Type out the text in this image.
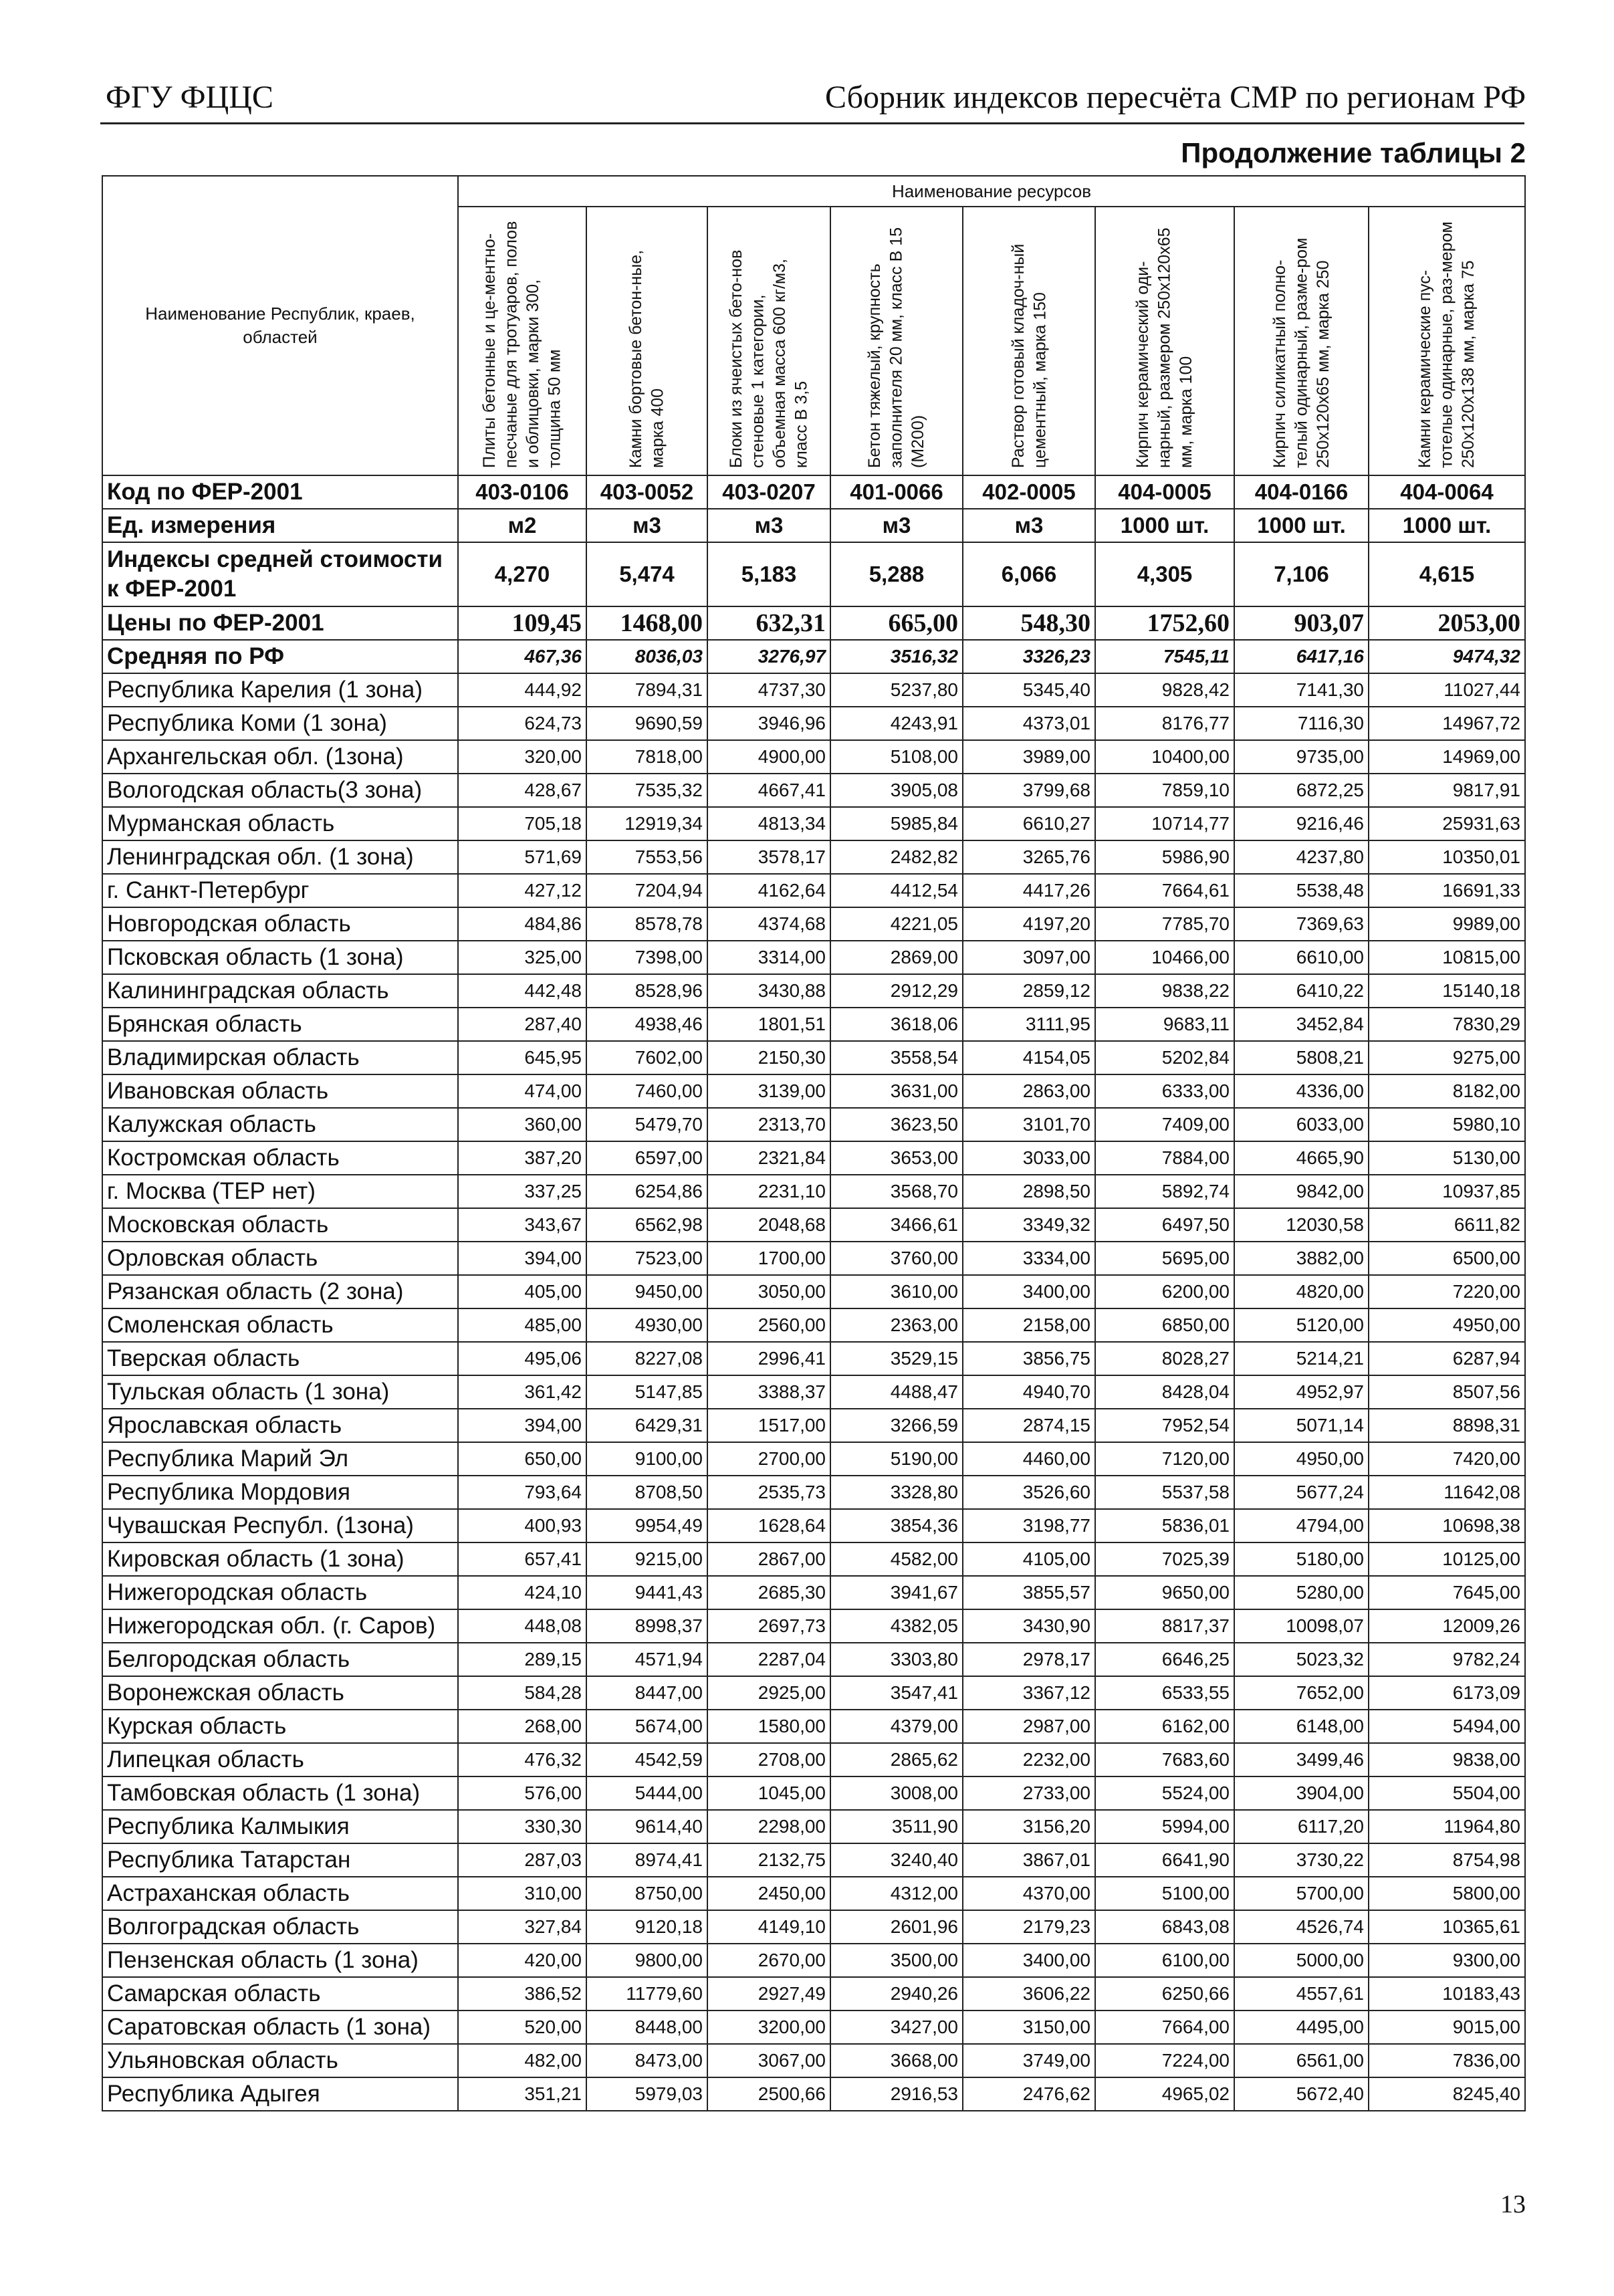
ФГУ ФЦЦС	Сборник индексов пересчёта СМР по регионам РФ
Продолжение таблицы 2
Наименование Республик, краев, областей	Наименование ресурсов							

	Плиты бетонные и це-ментно-песчаные для тротуаров, полов и облицовки, марки 300, толщина 50 мм	Камни бортовые бетон-ные, марка 400	Блоки из ячеистых бето-нов стеновые 1 категории, объемная масса 600 кг/м3, класс В 3,5	Бетон тяжелый, крупность заполнителя 20 мм, класс В 15 (М200)	Раствор готовый кладоч-ный цементный, марка 150	Кирпич керамический оди-нарный, размером 250x120x65 мм, марка 100	Кирпич силикатный полно-телый одинарный, разме-ром 250x120x65 мм, марка 250	Камни керамические пус-тотелые одинарные, раз-мером 250x120x138 мм, марка 75

Код по ФЕР-2001	403-0106	403-0052	403-0207	401-0066	402-0005	404-0005	404-0166	404-0064
Ед. измерения	м2	м3	м3	м3	м3	1000 шт.	1000 шт.	1000 шт.
Индексы средней стоимости к ФЕР-2001	4,270	5,474	5,183	5,288	6,066	4,305	7,106	4,615
Цены по ФЕР-2001	109,45	1468,00	632,31	665,00	548,30	1752,60	903,07	2053,00
Средняя по РФ	467,36	8036,03	3276,97	3516,32	3326,23	7545,11	6417,16	9474,32
Республика Карелия (1 зона)	444,92	7894,31	4737,30	5237,80	5345,40	9828,42	7141,30	11027,44
Республика Коми (1 зона)	624,73	9690,59	3946,96	4243,91	4373,01	8176,77	7116,30	14967,72
Архангельская обл. (1зона)	320,00	7818,00	4900,00	5108,00	3989,00	10400,00	9735,00	14969,00
Вологодская область(3 зона)	428,67	7535,32	4667,41	3905,08	3799,68	7859,10	6872,25	9817,91
Мурманская область	705,18	12919,34	4813,34	5985,84	6610,27	10714,77	9216,46	25931,63
Ленинградская обл. (1 зона)	571,69	7553,56	3578,17	2482,82	3265,76	5986,90	4237,80	10350,01
г. Санкт-Петербург	427,12	7204,94	4162,64	4412,54	4417,26	7664,61	5538,48	16691,33
Новгородская область	484,86	8578,78	4374,68	4221,05	4197,20	7785,70	7369,63	9989,00
Псковская область (1 зона)	325,00	7398,00	3314,00	2869,00	3097,00	10466,00	6610,00	10815,00
Калининградская область	442,48	8528,96	3430,88	2912,29	2859,12	9838,22	6410,22	15140,18
Брянская область	287,40	4938,46	1801,51	3618,06	3111,95	9683,11	3452,84	7830,29
Владимирская область	645,95	7602,00	2150,30	3558,54	4154,05	5202,84	5808,21	9275,00
Ивановская область	474,00	7460,00	3139,00	3631,00	2863,00	6333,00	4336,00	8182,00
Калужская область	360,00	5479,70	2313,70	3623,50	3101,70	7409,00	6033,00	5980,10
Костромская область	387,20	6597,00	2321,84	3653,00	3033,00	7884,00	4665,90	5130,00
г. Москва (ТЕР нет)	337,25	6254,86	2231,10	3568,70	2898,50	5892,74	9842,00	10937,85
Московская область	343,67	6562,98	2048,68	3466,61	3349,32	6497,50	12030,58	6611,82
Орловская область	394,00	7523,00	1700,00	3760,00	3334,00	5695,00	3882,00	6500,00
Рязанская область (2 зона)	405,00	9450,00	3050,00	3610,00	3400,00	6200,00	4820,00	7220,00
Смоленская область	485,00	4930,00	2560,00	2363,00	2158,00	6850,00	5120,00	4950,00
Тверская область	495,06	8227,08	2996,41	3529,15	3856,75	8028,27	5214,21	6287,94
Тульская область (1 зона)	361,42	5147,85	3388,37	4488,47	4940,70	8428,04	4952,97	8507,56
Ярославская область	394,00	6429,31	1517,00	3266,59	2874,15	7952,54	5071,14	8898,31
Республика Марий Эл	650,00	9100,00	2700,00	5190,00	4460,00	7120,00	4950,00	7420,00
Республика Мордовия	793,64	8708,50	2535,73	3328,80	3526,60	5537,58	5677,24	11642,08
Чувашская Республ. (1зона)	400,93	9954,49	1628,64	3854,36	3198,77	5836,01	4794,00	10698,38
Кировская область (1 зона)	657,41	9215,00	2867,00	4582,00	4105,00	7025,39	5180,00	10125,00
Нижегородская область	424,10	9441,43	2685,30	3941,67	3855,57	9650,00	5280,00	7645,00
Нижегородская обл. (г. Саров)	448,08	8998,37	2697,73	4382,05	3430,90	8817,37	10098,07	12009,26
Белгородская область	289,15	4571,94	2287,04	3303,80	2978,17	6646,25	5023,32	9782,24
Воронежская область	584,28	8447,00	2925,00	3547,41	3367,12	6533,55	7652,00	6173,09
Курская область	268,00	5674,00	1580,00	4379,00	2987,00	6162,00	6148,00	5494,00
Липецкая область	476,32	4542,59	2708,00	2865,62	2232,00	7683,60	3499,46	9838,00
Тамбовская область (1 зона)	576,00	5444,00	1045,00	3008,00	2733,00	5524,00	3904,00	5504,00
Республика Калмыкия	330,30	9614,40	2298,00	3511,90	3156,20	5994,00	6117,20	11964,80
Республика Татарстан	287,03	8974,41	2132,75	3240,40	3867,01	6641,90	3730,22	8754,98
Астраханская область	310,00	8750,00	2450,00	4312,00	4370,00	5100,00	5700,00	5800,00
Волгоградская область	327,84	9120,18	4149,10	2601,96	2179,23	6843,08	4526,74	10365,61
Пензенская область (1 зона)	420,00	9800,00	2670,00	3500,00	3400,00	6100,00	5000,00	9300,00
Самарская область	386,52	11779,60	2927,49	2940,26	3606,22	6250,66	4557,61	10183,43
Саратовская область (1 зона)	520,00	8448,00	3200,00	3427,00	3150,00	7664,00	4495,00	9015,00
Ульяновская область	482,00	8473,00	3067,00	3668,00	3749,00	7224,00	6561,00	7836,00
Республика Адыгея	351,21	5979,03	2500,66	2916,53	2476,62	4965,02	5672,40	8245,40
13
